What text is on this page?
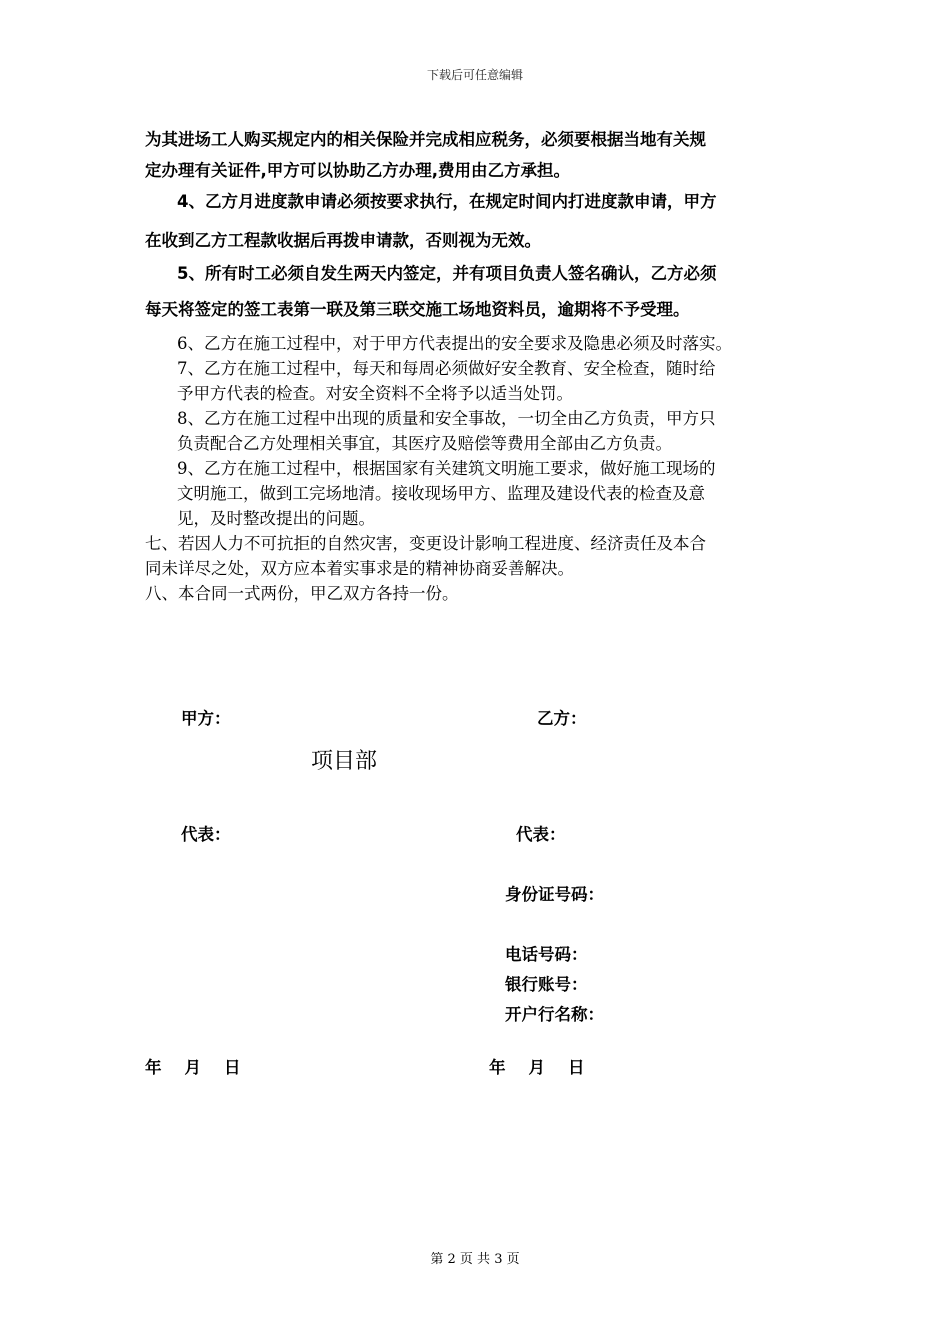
下载后可任意编辑
为其进场工人购买规定内的相关保险并完成相应税务，必须要根据当地有关规
定办理有关证件,甲方可以协助乙方办理,费用由乙方承担。
4、乙方月进度款申请必须按要求执行，在规定时间内打进度款申请，甲方
在收到乙方工程款收据后再拨申请款，否则视为无效。
5、所有时工必须自发生两天内签定，并有项目负责人签名确认，乙方必须
每天将签定的签工表第一联及第三联交施工场地资料员，逾期将不予受理。
6、乙方在施工过程中，对于甲方代表提出的安全要求及隐患必须及时落实。
7、乙方在施工过程中，每天和每周必须做好安全教育、安全检查，随时给
予甲方代表的检查。对安全资料不全将予以适当处罚。
8、乙方在施工过程中出现的质量和安全事故，一切全由乙方负责，甲方只
负责配合乙方处理相关事宜，其医疗及赔偿等费用全部由乙方负责。
9、乙方在施工过程中，根据国家有关建筑文明施工要求，做好施工现场的
文明施工，做到工完场地清。接收现场甲方、监理及建设代表的检查及意
见，及时整改提出的问题。
七、若因人力不可抗拒的自然灾害，变更设计影响工程进度、经济责任及本合
同未详尽之处，双方应本着实事求是的精神协商妥善解决。
八、本合同一式两份，甲乙双方各持一份。
甲方：	乙方：
项目部
代表：	代表：
身份证号码：
电话号码：
银行账号：
开户行名称：
年    月    日	年    月    日
第 2 页 共 3 页
